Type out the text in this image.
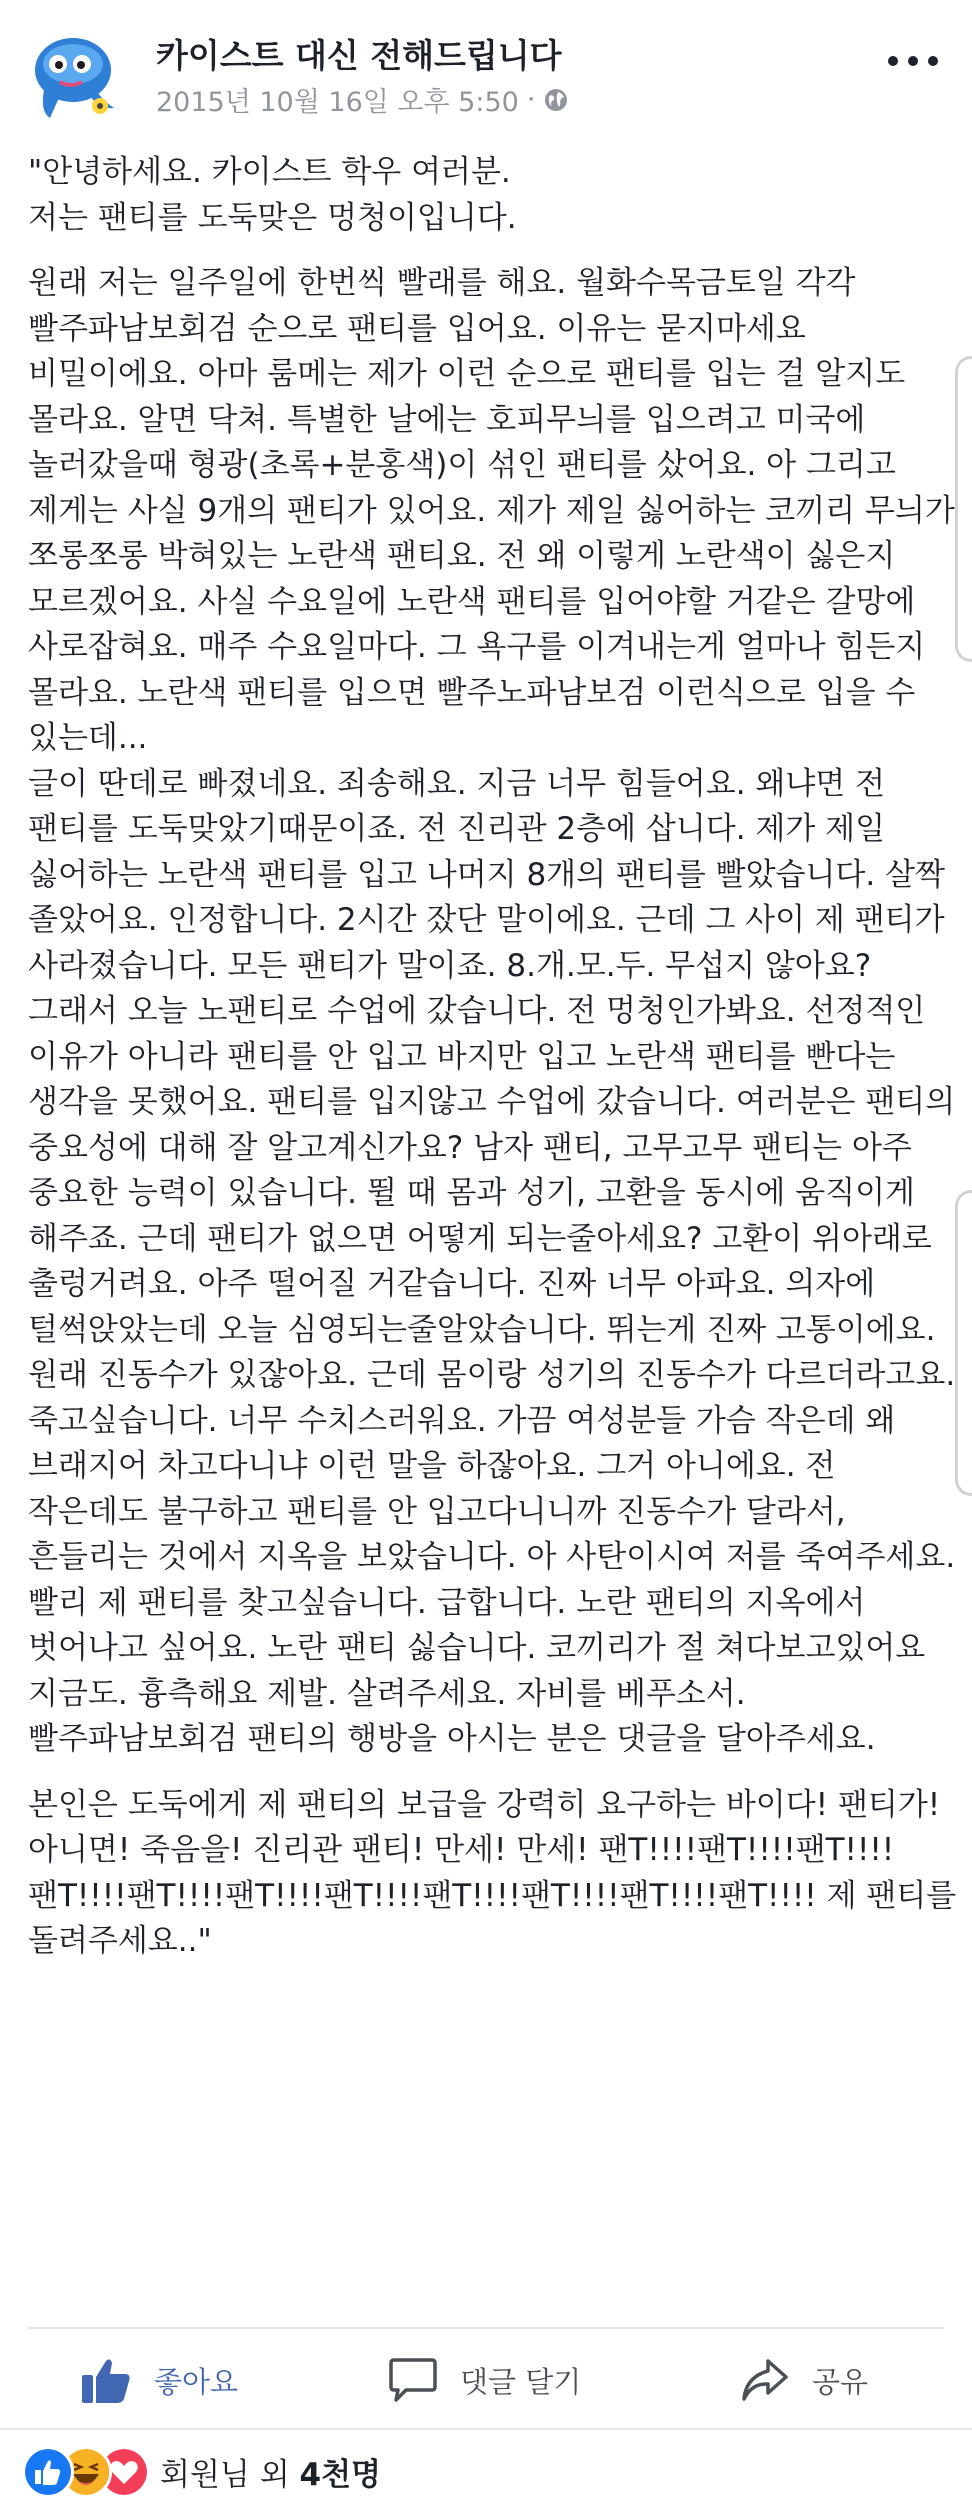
카이스트 대신 전해드립니다
2015년 10월 16일 오후 5:50 ·

"안녕하세요. 카이스트 학우 여러분.
저는 팬티를 도둑맞은 멍청이입니다.

원래 저는 일주일에 한번씩 빨래를 해요. 월화수목금토일 각각 빨주파남보회검 순으로 팬티를 입어요. 이유는 묻지마세요 비밀이에요. 아마 룸메는 제가 이런 순으로 팬티를 입는 걸 알지도 몰라요. 알면 닥쳐. 특별한 날에는 호피무늬를 입으려고 미국에 놀러갔을때 형광(초록+분홍색)이 섞인 팬티를 샀어요. 아 그리고 제게는 사실 9개의 팬티가 있어요. 제가 제일 싫어하는 코끼리 무늬가 쪼롱쪼롱 박혀있는 노란색 팬티요. 전 왜 이렇게 노란색이 싫은지 모르겠어요. 사실 수요일에 노란색 팬티를 입어야할 거같은 갈망에 사로잡혀요. 매주 수요일마다. 그 욕구를 이겨내는게 얼마나 힘든지 몰라요. 노란색 팬티를 입으면 빨주노파남보검 이런식으로 입을 수 있는데...
글이 딴데로 빠졌네요. 죄송해요. 지금 너무 힘들어요. 왜냐면 전 팬티를 도둑맞았기때문이죠. 전 진리관 2층에 삽니다. 제가 제일 싫어하는 노란색 팬티를 입고 나머지 8개의 팬티를 빨았습니다. 살짝 졸았어요. 인정합니다. 2시간 잤단 말이에요. 근데 그 사이 제 팬티가 사라졌습니다. 모든 팬티가 말이죠. 8.개.모.두. 무섭지 않아요?
그래서 오늘 노팬티로 수업에 갔습니다. 전 멍청인가봐요. 선정적인 이유가 아니라 팬티를 안 입고 바지만 입고 노란색 팬티를 빤다는 생각을 못했어요. 팬티를 입지않고 수업에 갔습니다. 여러분은 팬티의 중요성에 대해 잘 알고계신가요? 남자 팬티, 고무고무 팬티는 아주 중요한 능력이 있습니다. 뛸 때 몸과 성기, 고환을 동시에 움직이게 해주죠. 근데 팬티가 없으면 어떻게 되는줄아세요? 고환이 위아래로 출렁거려요. 아주 떨어질 거같습니다. 진짜 너무 아파요. 의자에 털썩앉았는데 오늘 심영되는줄알았습니다. 뛰는게 진짜 고통이에요. 원래 진동수가 있잖아요. 근데 몸이랑 성기의 진동수가 다르더라고요. 죽고싶습니다. 너무 수치스러워요. 가끔 여성분들 가슴 작은데 왜 브래지어 차고다니냐 이런 말을 하잖아요. 그거 아니에요. 전 작은데도 불구하고 팬티를 안 입고다니니까 진동수가 달라서, 흔들리는 것에서 지옥을 보았습니다. 아 사탄이시여 저를 죽여주세요.
빨리 제 팬티를 찾고싶습니다. 급합니다. 노란 팬티의 지옥에서 벗어나고 싶어요. 노란 팬티 싫습니다. 코끼리가 절 쳐다보고있어요 지금도. 흉측해요 제발. 살려주세요. 자비를 베푸소서. 빨주파남보회검 팬티의 행방을 아시는 분은 댓글을 달아주세요.

본인은 도둑에게 제 팬티의 보급을 강력히 요구하는 바이다! 팬티가! 아니면! 죽음을! 진리관 팬티! 만세! 만세! 팬T!!!!팬T!!!!팬T!!!!팬T!!!!팬T!!!!팬T!!!!팬T!!!!팬T!!!!팬T!!!!팬T!!!!팬T!!!! 제 팬티를 돌려주세요.."

좋아요	댓글 달기	공유
회원님 외 4천명
